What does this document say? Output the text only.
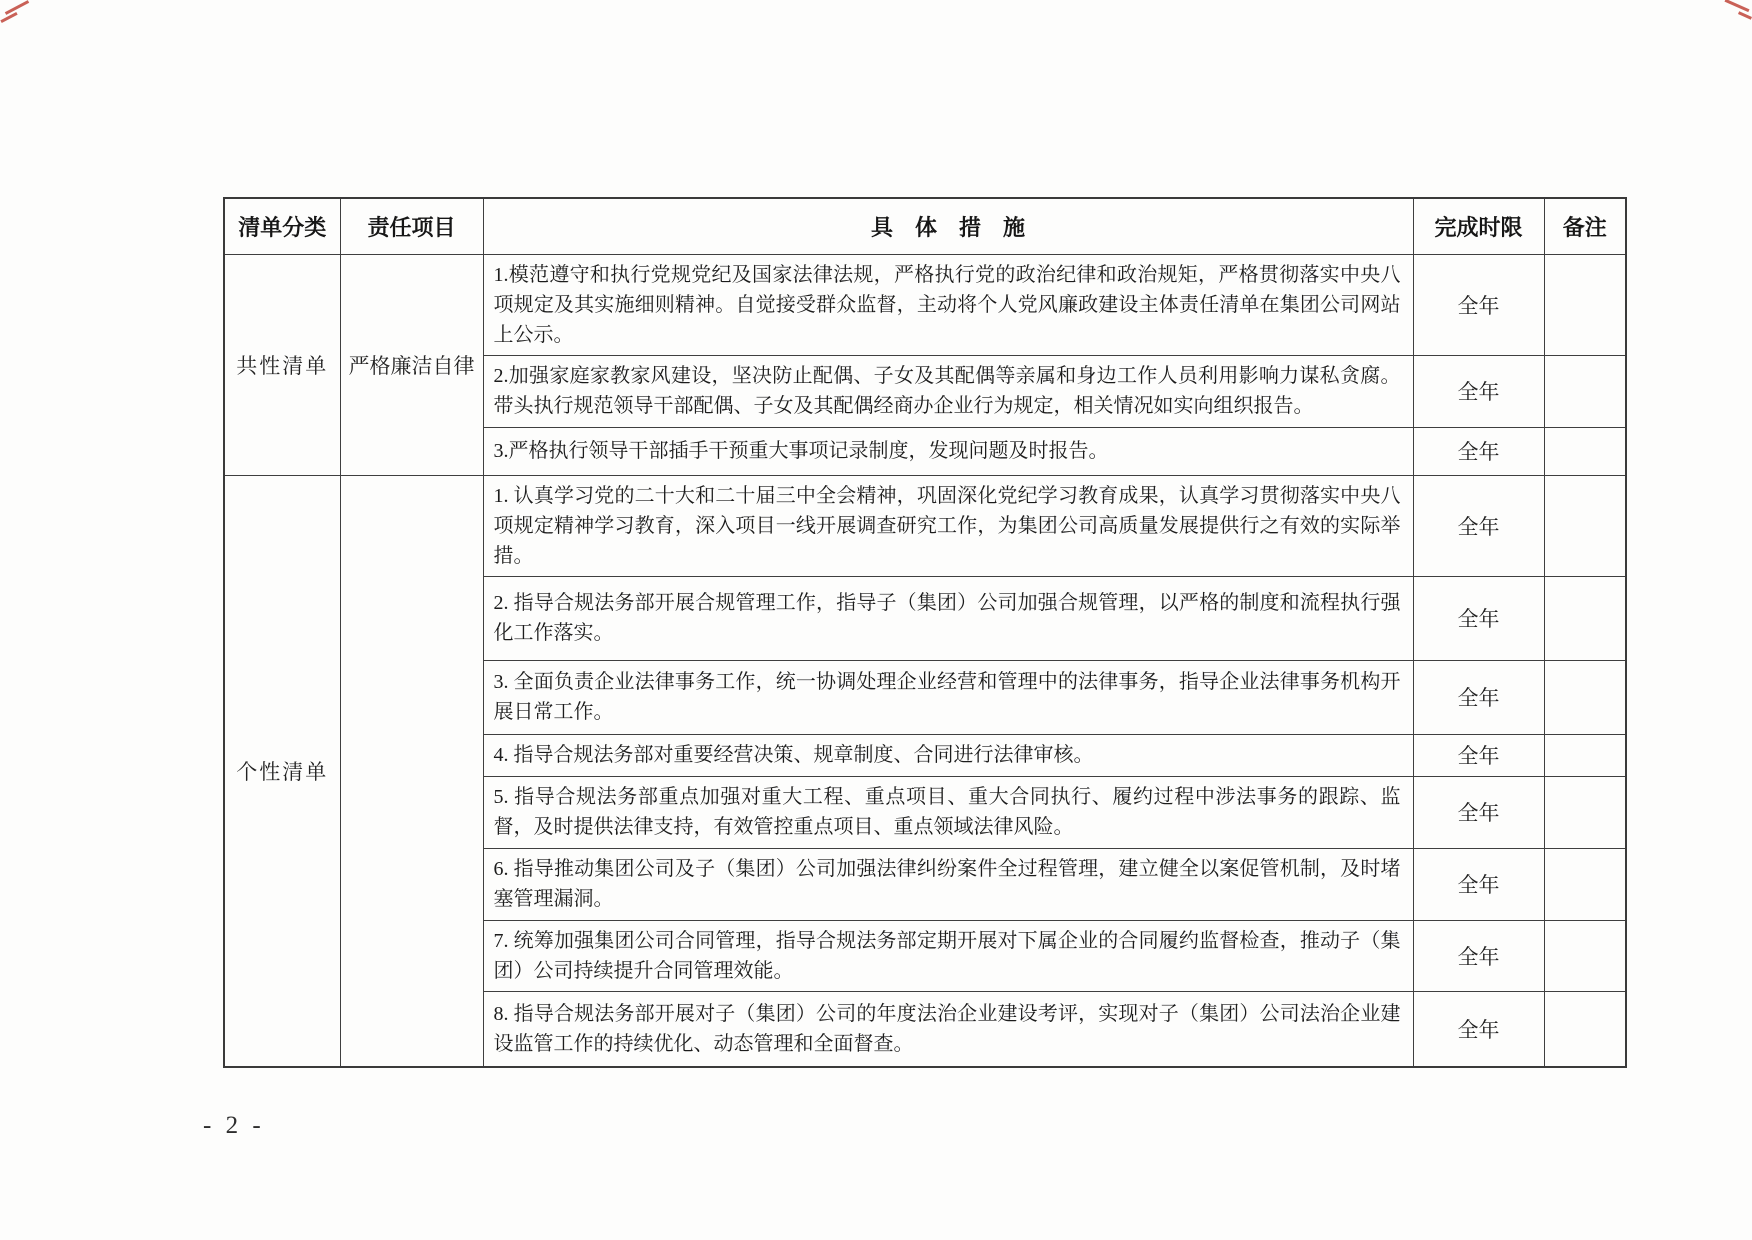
清单分类	责任项目	具　体　措　施	完成时限	备注
共性清单	严格廉洁自律	1.模范遵守和执行党规党纪及国家法律法规，严格执行党的政治纪律和政治规矩，严格贯彻落实中央八项规定及其实施细则精神。自觉接受群众监督，主动将个人党风廉政建设主体责任清单在集团公司网站上公示。	全年	
		2.加强家庭家教家风建设，坚决防止配偶、子女及其配偶等亲属和身边工作人员利用影响力谋私贪腐。带头执行规范领导干部配偶、子女及其配偶经商办企业行为规定，相关情况如实向组织报告。	全年	
		3.严格执行领导干部插手干预重大事项记录制度，发现问题及时报告。	全年	
个性清单		1. 认真学习党的二十大和二十届三中全会精神，巩固深化党纪学习教育成果，认真学习贯彻落实中央八项规定精神学习教育，深入项目一线开展调查研究工作，为集团公司高质量发展提供行之有效的实际举措。	全年	
		2. 指导合规法务部开展合规管理工作，指导子（集团）公司加强合规管理，以严格的制度和流程执行强化工作落实。	全年	
		3. 全面负责企业法律事务工作，统一协调处理企业经营和管理中的法律事务，指导企业法律事务机构开展日常工作。	全年	
		4. 指导合规法务部对重要经营决策、规章制度、合同进行法律审核。	全年	
		5. 指导合规法务部重点加强对重大工程、重点项目、重大合同执行、履约过程中涉法事务的跟踪、监督，及时提供法律支持，有效管控重点项目、重点领域法律风险。	全年	
		6. 指导推动集团公司及子（集团）公司加强法律纠纷案件全过程管理，建立健全以案促管机制，及时堵塞管理漏洞。	全年	
		7. 统筹加强集团公司合同管理，指导合规法务部定期开展对下属企业的合同履约监督检查，推动子（集团）公司持续提升合同管理效能。	全年	
		8. 指导合规法务部开展对子（集团）公司的年度法治企业建设考评，实现对子（集团）公司法治企业建设监管工作的持续优化、动态管理和全面督查。	全年	
- 2 -
